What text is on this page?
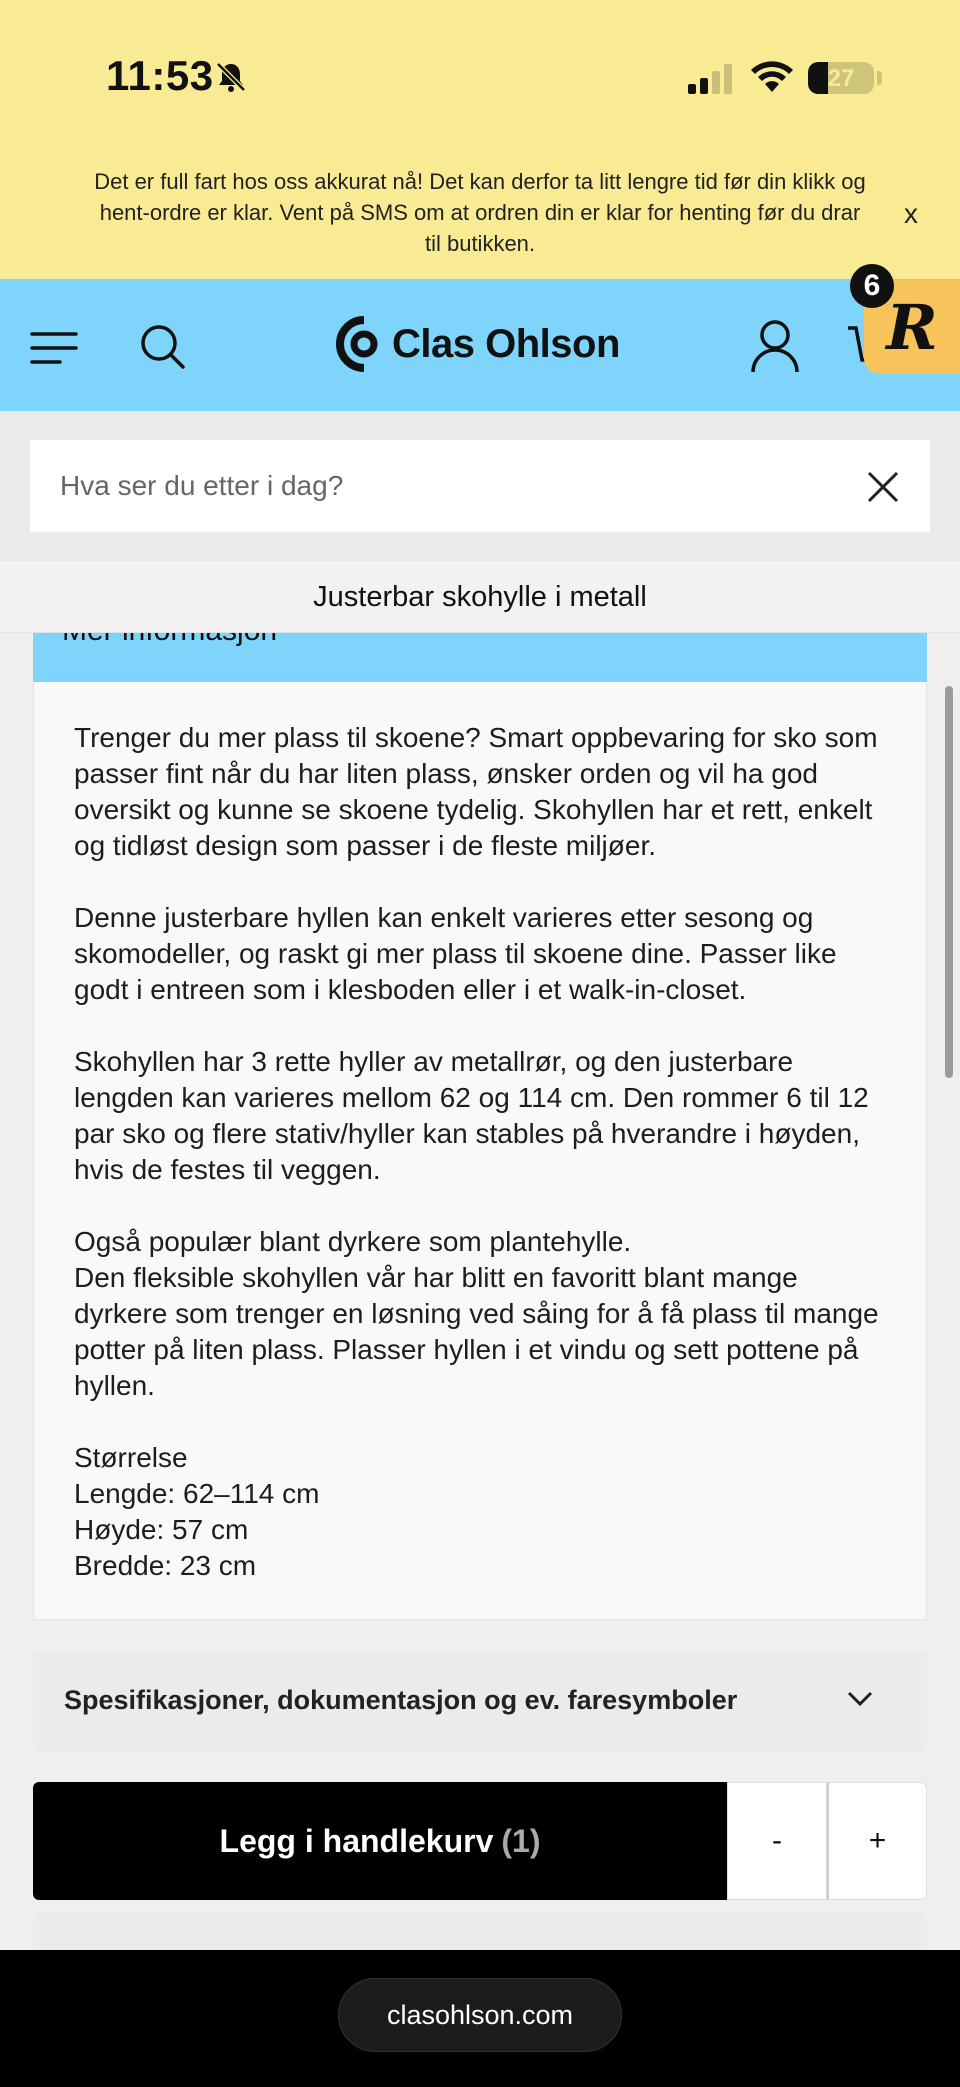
11:53	27
Det er full fart hos oss akkurat nå! Det kan derfor ta litt lengre tid før din klikk og hent-ordre er klar. Vent på SMS om at ordren din er klar for henting før du drar til butikken.
x
Clas Ohlson	R
6
Hva ser du etter i dag?
Justerbar skohylle i metall
Trenger du mer plass til skoene? Smart oppbevaring for sko som passer fint når du har liten plass, ønsker orden og vil ha god oversikt og kunne se skoene tydelig. Skohyllen har et rett, enkelt og tidløst design som passer i de fleste miljøer.
Denne justerbare hyllen kan enkelt varieres etter sesong og skomodeller, og raskt gi mer plass til skoene dine. Passer like godt i entreen som i klesboden eller i et walk-in-closet.
Skohyllen har 3 rette hyller av metallrør, og den justerbare lengden kan varieres mellom 62 og 114 cm. Den rommer 6 til 12 par sko og flere stativ/hyller kan stables på hverandre i høyden, hvis de festes til veggen.
Også populær blant dyrkere som plantehylle.
Den fleksible skohyllen vår har blitt en favoritt blant mange dyrkere som trenger en løsning ved såing for å få plass til mange potter på liten plass. Plasser hyllen i et vindu og sett pottene på hyllen.
Størrelse
Lengde: 62–114 cm
Høyde: 57 cm
Bredde: 23 cm
Spesifikasjoner, dokumentasjon og ev. faresymboler
Legg i handlekurv (1)	-	+
clasohlson.com
